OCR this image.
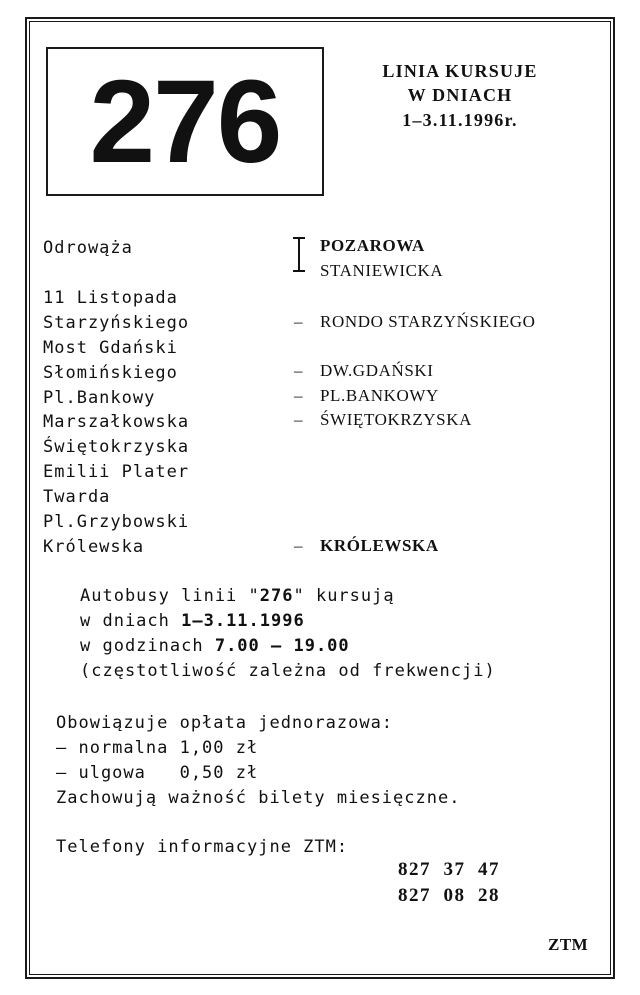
276	LINIA KURSUJE
W DNIACH
1–3.11.1996r.
Odrowąża
11 Listopada
Starzyńskiego
Most Gdański
Słomińskiego
Pl.Bankowy
Marszałkowska
Świętokrzyska
Emilii Plater
Twarda
Pl.Grzybowski
Królewska
POZAROWA
STANIEWICKA
– RONDO STARZYŃSKIEGO
– DW.GDAŃSKI
– PL.BANKOWY
– ŚWIĘTOKRZYSKA
– KRÓLEWSKA
Autobusy linii "276" kursują
w dniach 1–3.11.1996
w godzinach 7.00 – 19.00
(częstotliwość zależna od frekwencji)
Obowiązuje opłata jednorazowa:
– normalna 1,00 zł
– ulgowa   0,50 zł
Zachowują ważność bilety miesięczne.
Telefony informacyjne ZTM:
827  37  47
827  08  28
ZTM
